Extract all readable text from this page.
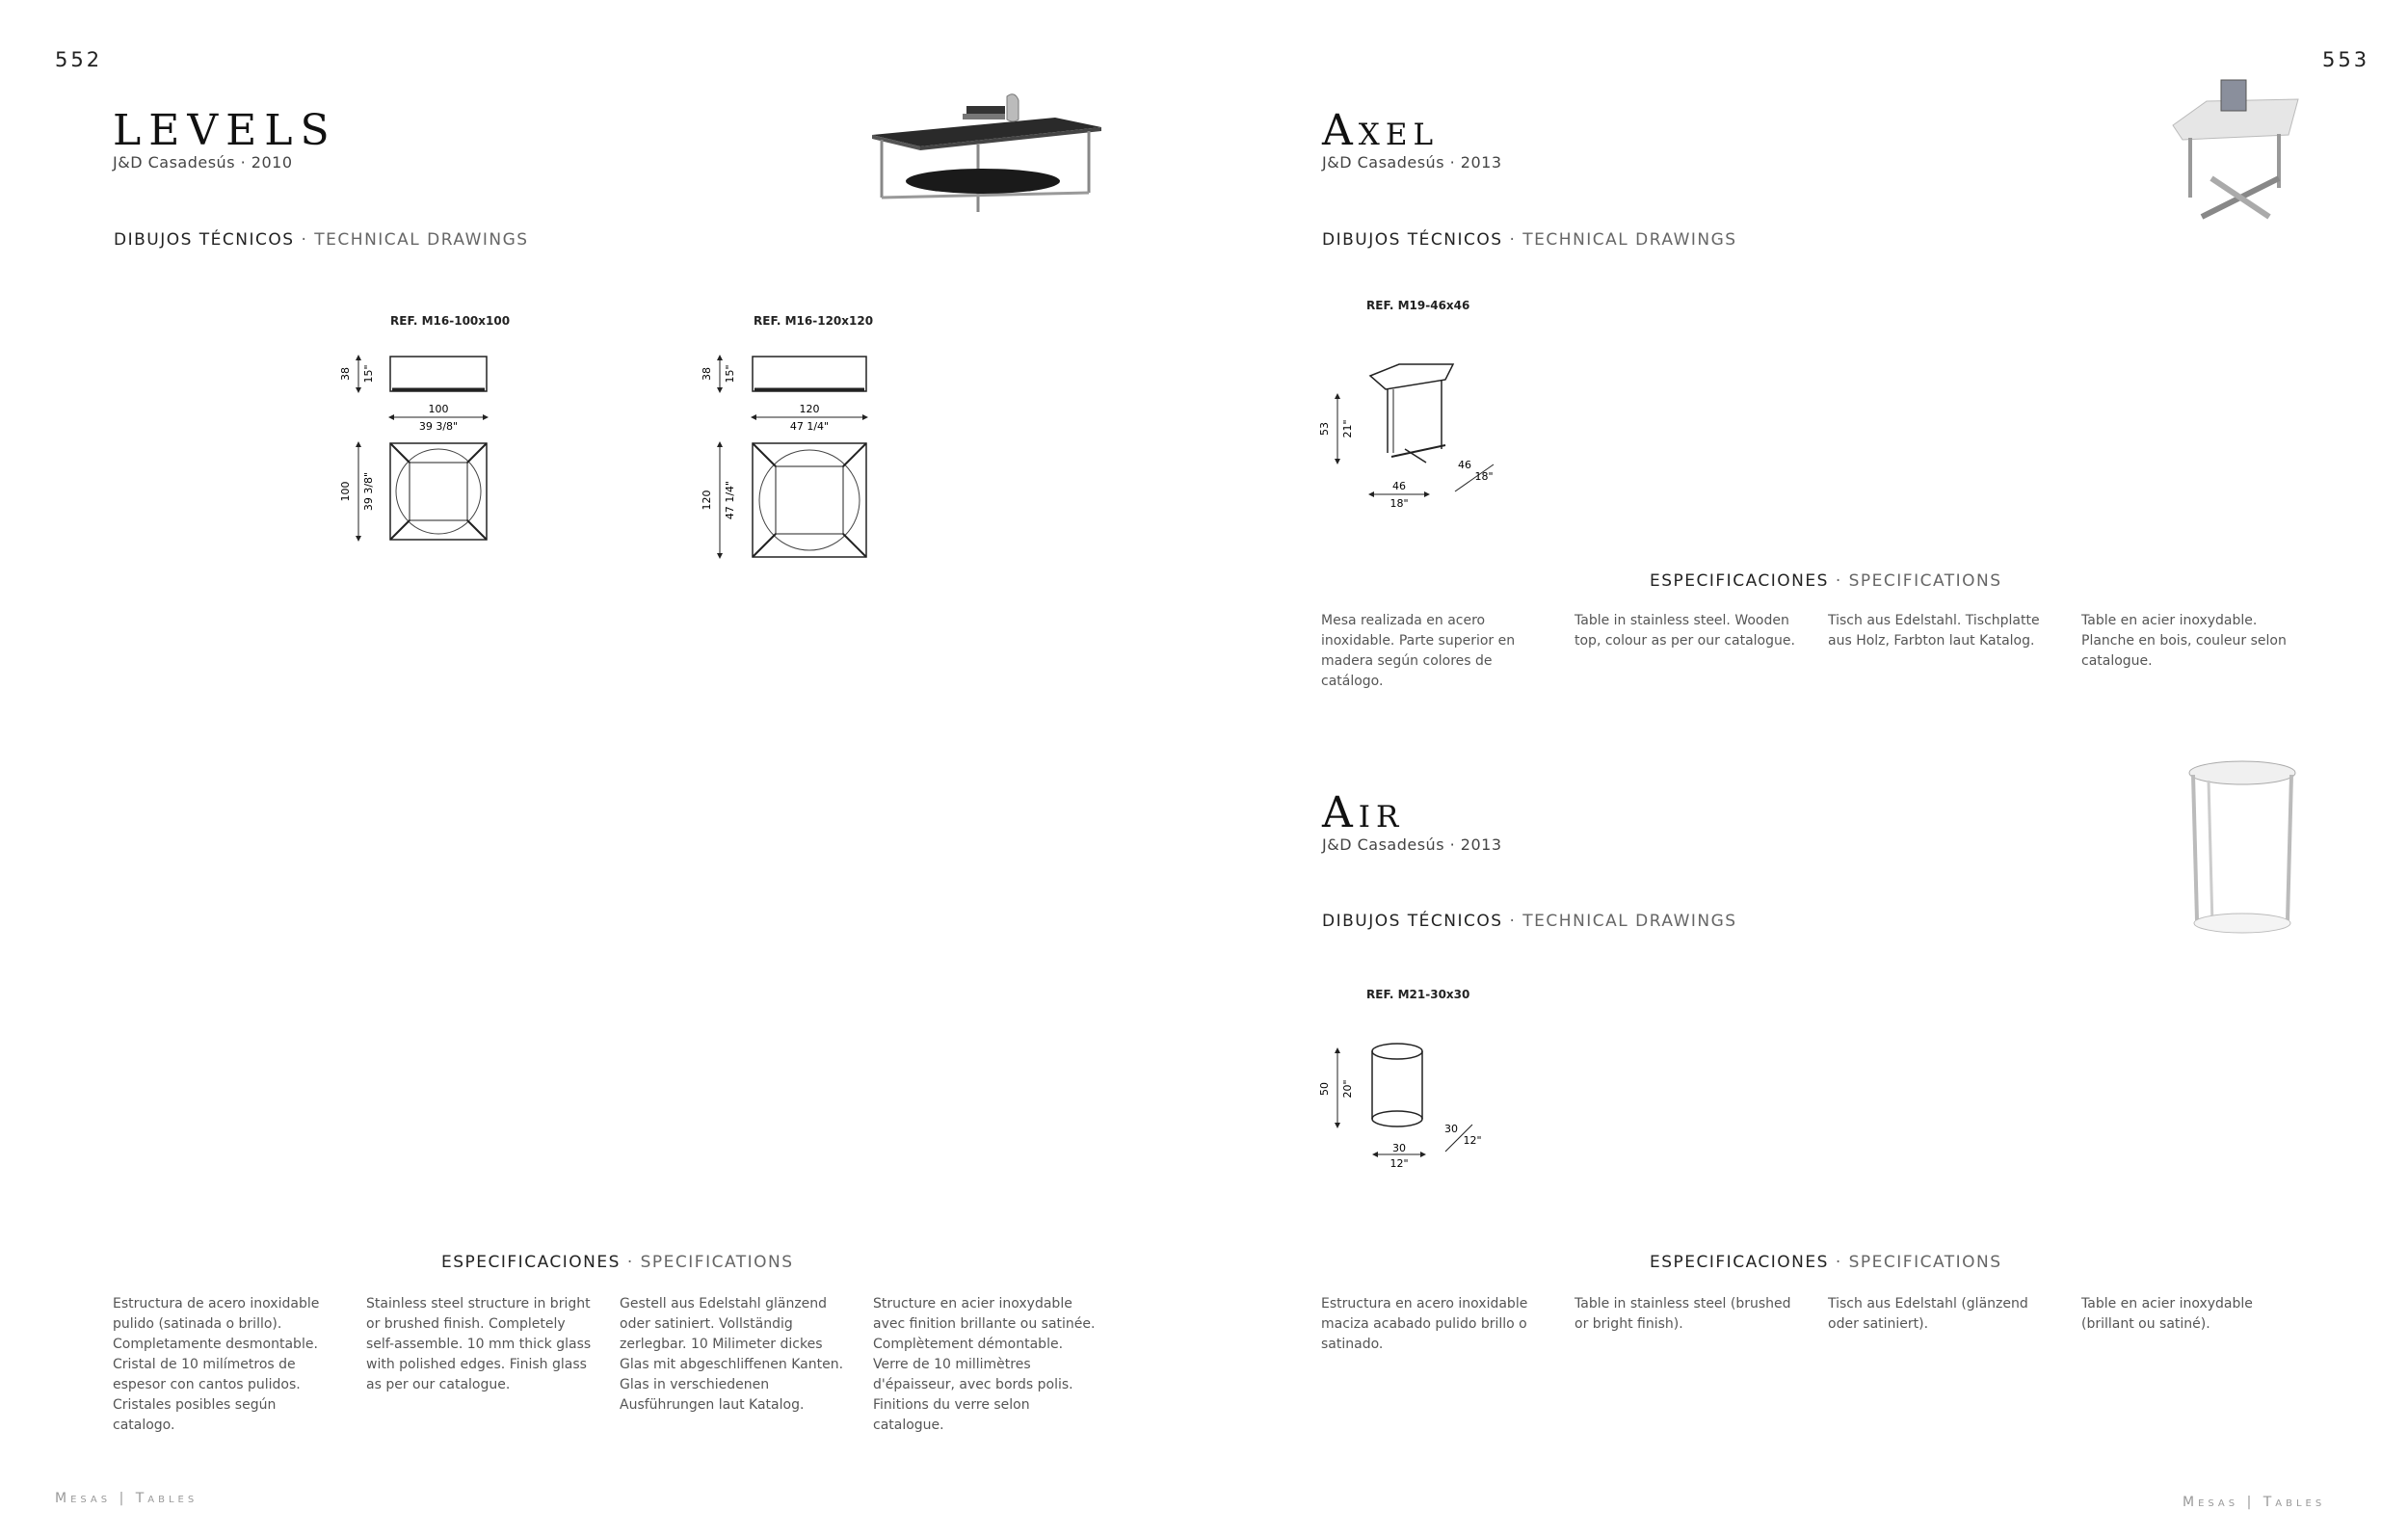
552	553
LEVELS
J&D Casadesús · 2010
DIBUJOS TÉCNICOS · TECHNICAL DRAWINGS
REF. M16-100x100
38 15"
100
39 3/8"
100 39 3/8"
REF. M16-120x120
38 15"
120
47 1/4"
120 47 1/4"
ESPECIFICACIONES · SPECIFICATIONS
Estructura de acero inoxidable pulido (satinada o brillo). Completamente desmontable. Cristal de 10 milímetros de espesor con cantos pulidos. Cristales posibles según catalogo.
Stainless steel structure in bright or brushed finish. Completely self-assemble. 10 mm thick glass with polished edges. Finish glass as per our catalogue.
Gestell aus Edelstahl glänzend oder satiniert. Vollständig zerlegbar. 10 Milimeter dickes Glas mit abgeschliffenen Kanten. Glas in verschiedenen Ausführungen laut Katalog.
Structure en acier inoxydable avec finition brillante ou satinée. Complètement démontable. Verre de 10 millimètres d'épaisseur, avec bords polis. Finitions du verre selon catalogue.
Axel
J&D Casadesús · 2013
DIBUJOS TÉCNICOS · TECHNICAL DRAWINGS
REF. M19-46x46
53 21"
46
18"
46
18"
ESPECIFICACIONES · SPECIFICATIONS
Mesa realizada en acero inoxidable. Parte superior en madera según colores de catálogo.
Table in stainless steel. Wooden top, colour as per our catalogue.
Tisch aus Edelstahl. Tischplatte aus Holz, Farbton laut Katalog.
Table en acier inoxydable. Planche en bois, couleur selon catalogue.
Air
J&D Casadesús · 2013
DIBUJOS TÉCNICOS · TECHNICAL DRAWINGS
REF. M21-30x30
50 20"
30
12"
30
12"
ESPECIFICACIONES · SPECIFICATIONS
Estructura en acero inoxidable maciza acabado pulido brillo o satinado.
Table in stainless steel (brushed or bright finish).
Tisch aus Edelstahl (glänzend oder satiniert).
Table en acier inoxydable (brillant ou satiné).
Mesas | Tables	Mesas | Tables
